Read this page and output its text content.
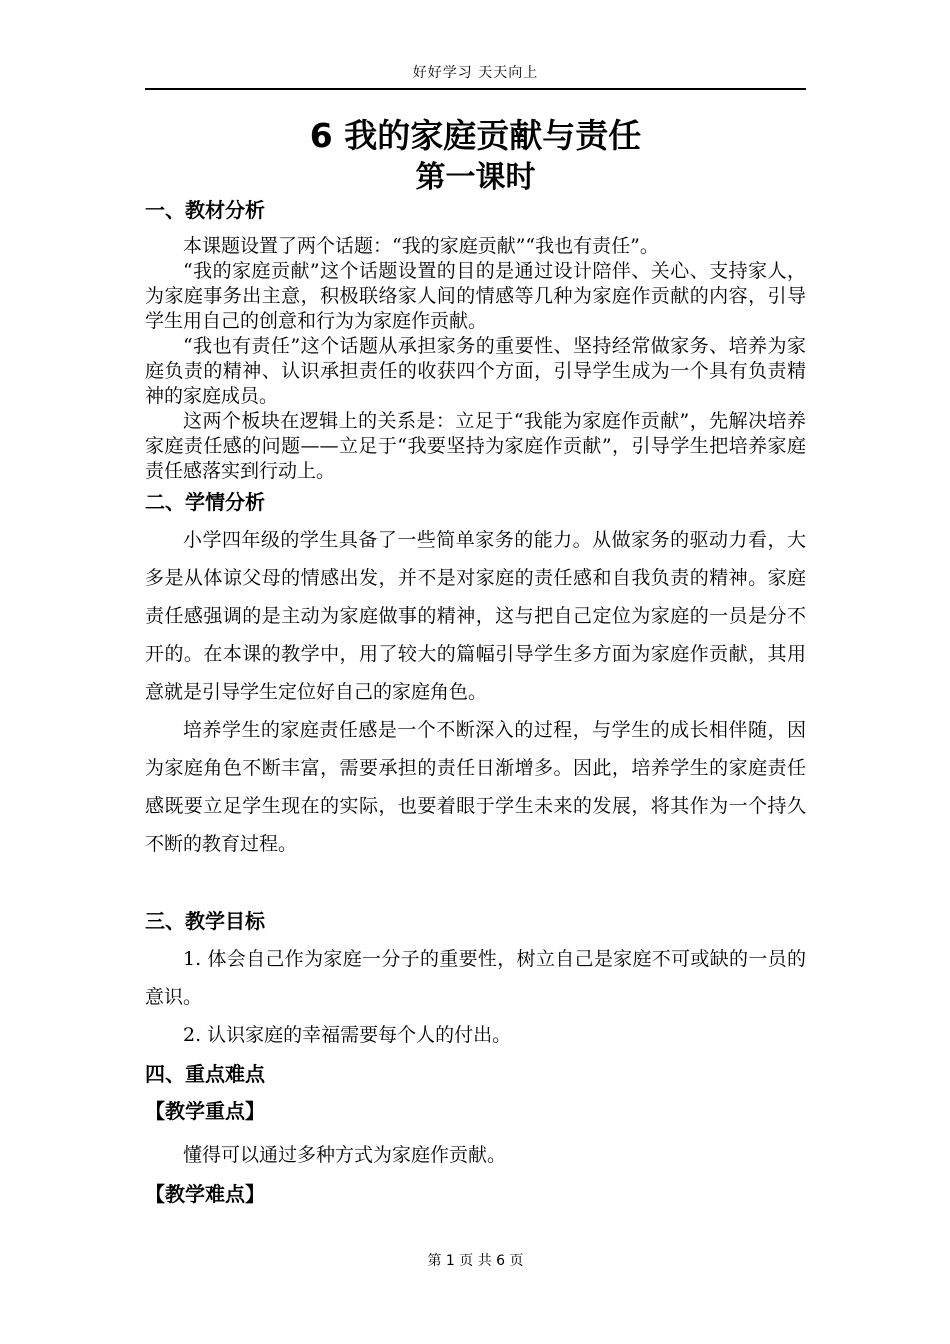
好好学习 天天向上
6 我的家庭贡献与责任
第一课时
一、教材分析

本课题设置了两个话题：“我的家庭贡献”“我也有责任”。

“我的家庭贡献”这个话题设置的目的是通过设计陪伴、关心、支持家人，为家庭事务出主意，积极联络家人间的情感等几种为家庭作贡献的内容，引导学生用自己的创意和行为为家庭作贡献。

“我也有责任”这个话题从承担家务的重要性、坚持经常做家务、培养为家庭负责的精神、认识承担责任的收获四个方面，引导学生成为一个具有负责精神的家庭成员。

这两个板块在逻辑上的关系是：立足于“我能为家庭作贡献”，先解决培养家庭责任感的问题——立足于“我要坚持为家庭作贡献”，引导学生把培养家庭责任感落实到行动上。

二、学情分析

小学四年级的学生具备了一些简单家务的能力。从做家务的驱动力看，大多是从体谅父母的情感出发，并不是对家庭的责任感和自我负责的精神。家庭责任感强调的是主动为家庭做事的精神，这与把自己定位为家庭的一员是分不开的。在本课的教学中，用了较大的篇幅引导学生多方面为家庭作贡献，其用意就是引导学生定位好自己的家庭角色。

培养学生的家庭责任感是一个不断深入的过程，与学生的成长相伴随，因为家庭角色不断丰富，需要承担的责任日渐增多。因此，培养学生的家庭责任感既要立足学生现在的实际，也要着眼于学生未来的发展，将其作为一个持久不断的教育过程。

三、教学目标

1. 体会自己作为家庭一分子的重要性，树立自己是家庭不可或缺的一员的意识。

2. 认识家庭的幸福需要每个人的付出。

四、重点难点
【教学重点】

懂得可以通过多种方式为家庭作贡献。

【教学难点】
第 1 页 共 6 页
